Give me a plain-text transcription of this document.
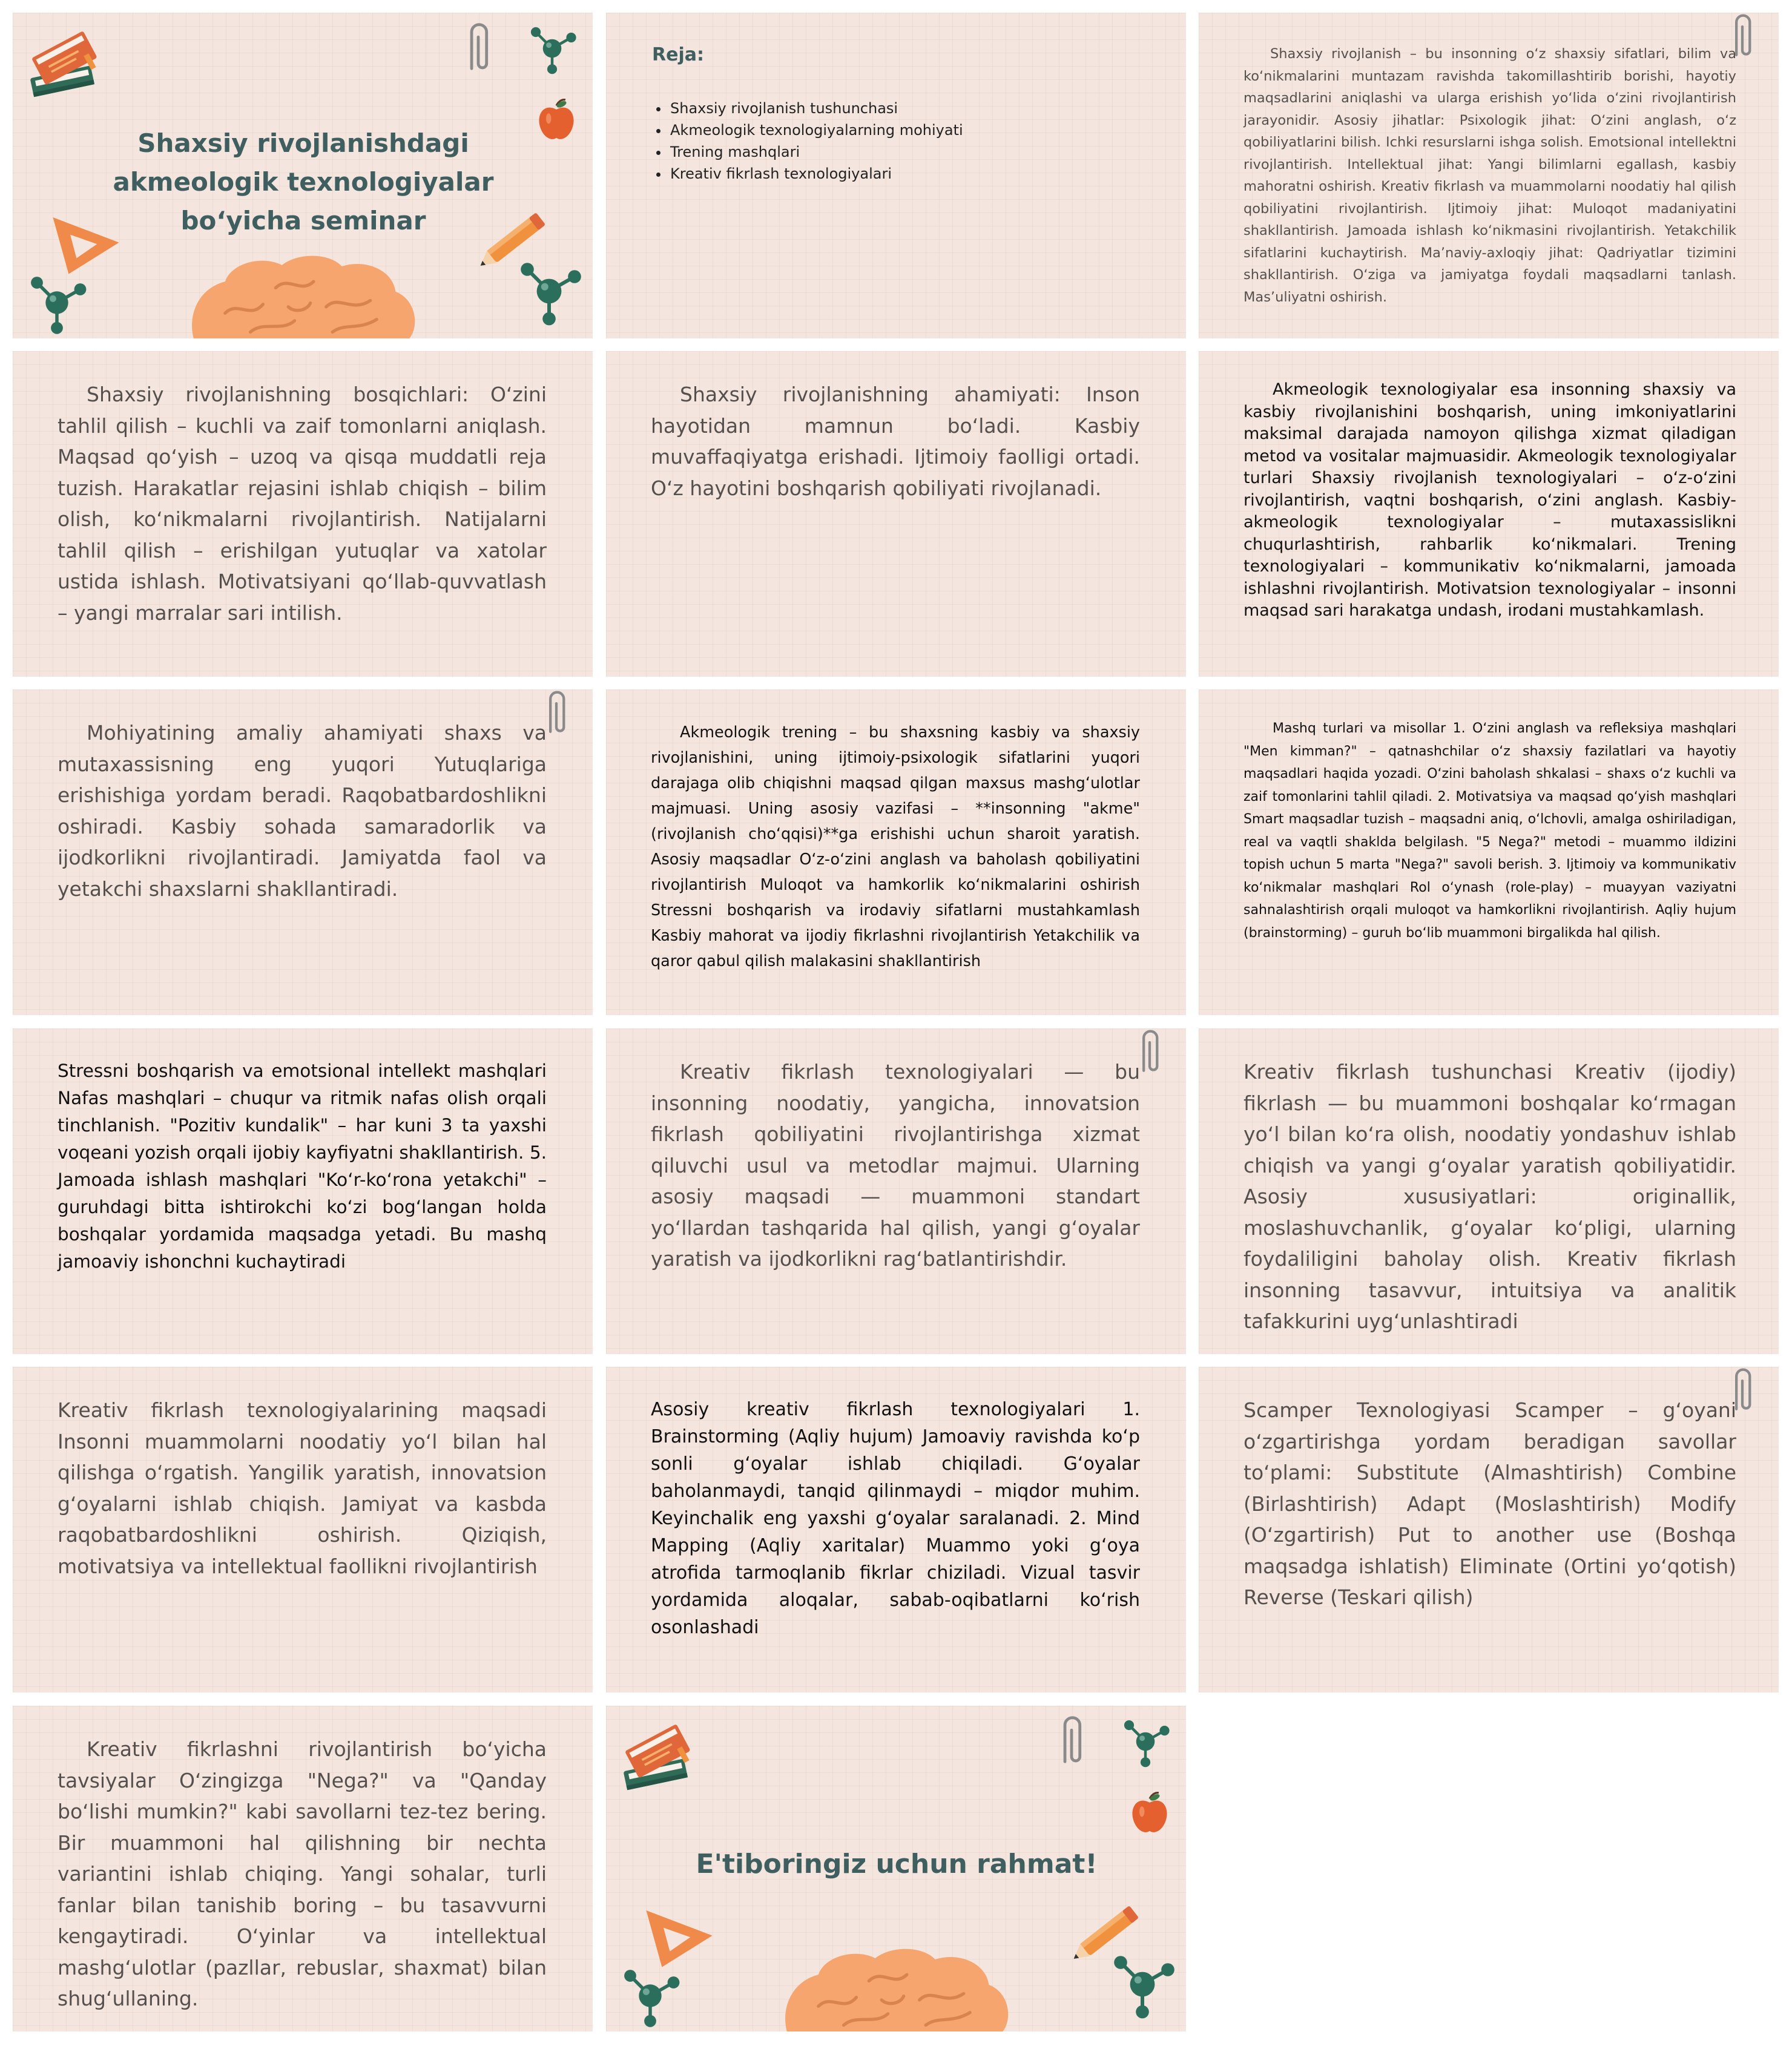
Shaxsiy rivojlanishdagi akmeologik texnologiyalar bo‘yicha seminar
Reja:
• Shaxsiy rivojlanish tushunchasi
• Akmeologik texnologiyalarning mohiyati
• Trening mashqlari
• Kreativ fikrlash texnologiyalari

Shaxsiy rivojlanish – bu insonning o‘z shaxsiy sifatlari, bilim va ko‘nikmalarini muntazam ravishda takomillashtirib borishi, hayotiy maqsadlarini aniqlashi va ularga erishish yo‘lida o‘zini rivojlantirish jarayonidir. Asosiy jihatlar: Psixologik jihat: O‘zini anglash, o‘z qobiliyatlarini bilish. Ichki resurslarni ishga solish. Emotsional intellektni rivojlantirish. Intellektual jihat: Yangi bilimlarni egallash, kasbiy mahoratni oshirish. Kreativ fikrlash va muammolarni noodatiy hal qilish qobiliyatini rivojlantirish. Ijtimoiy jihat: Muloqot madaniyatini shakllantirish. Jamoada ishlash ko‘nikmasini rivojlantirish. Yetakchilik sifatlarini kuchaytirish. Ma’naviy-axloqiy jihat: Qadriyatlar tizimini shakllantirish. O‘ziga va jamiyatga foydali maqsadlarni tanlash. Mas’uliyatni oshirish.

Shaxsiy rivojlanishning bosqichlari: O‘zini tahlil qilish – kuchli va zaif tomonlarni aniqlash. Maqsad qo‘yish – uzoq va qisqa muddatli reja tuzish. Harakatlar rejasini ishlab chiqish – bilim olish, ko‘nikmalarni rivojlantirish. Natijalarni tahlil qilish – erishilgan yutuqlar va xatolar ustida ishlash. Motivatsiyani qo‘llab-quvvatlash – yangi marralar sari intilish.

Shaxsiy rivojlanishning ahamiyati: Inson hayotidan mamnun bo‘ladi. Kasbiy muvaffaqiyatga erishadi. Ijtimoiy faolligi ortadi. O‘z hayotini boshqarish qobiliyati rivojlanadi.

Akmeologik texnologiyalar esa insonning shaxsiy va kasbiy rivojlanishini boshqarish, uning imkoniyatlarini maksimal darajada namoyon qilishga xizmat qiladigan metod va vositalar majmuasidir. Akmeologik texnologiyalar turlari Shaxsiy rivojlanish texnologiyalari – o‘z-o‘zini rivojlantirish, vaqtni boshqarish, o‘zini anglash. Kasbiy-akmeologik texnologiyalar – mutaxassislikni chuqurlashtirish, rahbarlik ko‘nikmalari. Trening texnologiyalari – kommunikativ ko‘nikmalarni, jamoada ishlashni rivojlantirish. Motivatsion texnologiyalar – insonni maqsad sari harakatga undash, irodani mustahkamlash.

Mohiyatining amaliy ahamiyati shaxs va mutaxassisning eng yuqori Yutuqlariga erishishiga yordam beradi. Raqobatbardoshlikni oshiradi. Kasbiy sohada samaradorlik va ijodkorlikni rivojlantiradi. Jamiyatda faol va yetakchi shaxslarni shakllantiradi.

Akmeologik trening – bu shaxsning kasbiy va shaxsiy rivojlanishini, uning ijtimoiy-psixologik sifatlarini yuqori darajaga olib chiqishni maqsad qilgan maxsus mashg‘ulotlar majmuasi. Uning asosiy vazifasi – **insonning "akme" (rivojlanish cho‘qqisi)**ga erishishi uchun sharoit yaratish. Asosiy maqsadlar O‘z-o‘zini anglash va baholash qobiliyatini rivojlantirish Muloqot va hamkorlik ko‘nikmalarini oshirish Stressni boshqarish va irodaviy sifatlarni mustahkamlash Kasbiy mahorat va ijodiy fikrlashni rivojlantirish Yetakchilik va qaror qabul qilish malakasini shakllantirish

Mashq turlari va misollar 1. O‘zini anglash va refleksiya mashqlari "Men kimman?" – qatnashchilar o‘z shaxsiy fazilatlari va hayotiy maqsadlari haqida yozadi. O‘zini baholash shkalasi – shaxs o‘z kuchli va zaif tomonlarini tahlil qiladi. 2. Motivatsiya va maqsad qo‘yish mashqlari Smart maqsadlar tuzish – maqsadni aniq, o‘lchovli, amalga oshiriladigan, real va vaqtli shaklda belgilash. "5 Nega?" metodi – muammo ildizini topish uchun 5 marta "Nega?" savoli berish. 3. Ijtimoiy va kommunikativ ko‘nikmalar mashqlari Rol o‘ynash (role-play) – muayyan vaziyatni sahnalashtirish orqali muloqot va hamkorlikni rivojlantirish. Aqliy hujum (brainstorming) – guruh bo‘lib muammoni birgalikda hal qilish.

Stressni boshqarish va emotsional intellekt mashqlari Nafas mashqlari – chuqur va ritmik nafas olish orqali tinchlanish. "Pozitiv kundalik" – har kuni 3 ta yaxshi voqeani yozish orqali ijobiy kayfiyatni shakllantirish. 5. Jamoada ishlash mashqlari "Ko‘r-ko‘rona yetakchi" – guruhdagi bitta ishtirokchi ko‘zi bog‘langan holda boshqalar yordamida maqsadga yetadi. Bu mashq jamoaviy ishonchni kuchaytiradi

Kreativ fikrlash texnologiyalari — bu insonning noodatiy, yangicha, innovatsion fikrlash qobiliyatini rivojlantirishga xizmat qiluvchi usul va metodlar majmui. Ularning asosiy maqsadi — muammoni standart yo‘llardan tashqarida hal qilish, yangi g‘oyalar yaratish va ijodkorlikni rag‘batlantirishdir.

Kreativ fikrlash tushunchasi Kreativ (ijodiy) fikrlash — bu muammoni boshqalar ko‘rmagan yo‘l bilan ko‘ra olish, noodatiy yondashuv ishlab chiqish va yangi g‘oyalar yaratish qobiliyatidir. Asosiy xususiyatlari: originallik, moslashuvchanlik, g‘oyalar ko‘pligi, ularning foydaliligini baholay olish. Kreativ fikrlash insonning tasavvur, intuitsiya va analitik tafakkurini uyg‘unlashtiradi

Kreativ fikrlash texnologiyalarining maqsadi Insonni muammolarni noodatiy yo‘l bilan hal qilishga o‘rgatish. Yangilik yaratish, innovatsion g‘oyalarni ishlab chiqish. Jamiyat va kasbda raqobatbardoshlikni oshirish. Qiziqish, motivatsiya va intellektual faollikni rivojlantirish

Asosiy kreativ fikrlash texnologiyalari 1. Brainstorming (Aqliy hujum) Jamoaviy ravishda ko‘p sonli g‘oyalar ishlab chiqiladi. G‘oyalar baholanmaydi, tanqid qilinmaydi – miqdor muhim. Keyinchalik eng yaxshi g‘oyalar saralanadi. 2. Mind Mapping (Aqliy xaritalar) Muammo yoki g‘oya atrofida tarmoqlanib fikrlar chiziladi. Vizual tasvir yordamida aloqalar, sabab-oqibatlarni ko‘rish osonlashadi

Scamper Texnologiyasi Scamper – g‘oyani o‘zgartirishga yordam beradigan savollar to‘plami: Substitute (Almashtirish) Combine (Birlashtirish) Adapt (Moslashtirish) Modify (O‘zgartirish) Put to another use (Boshqa maqsadga ishlatish) Eliminate (Ortini yo‘qotish) Reverse (Teskari qilish)

Kreativ fikrlashni rivojlantirish bo‘yicha tavsiyalar O‘zingizga "Nega?" va "Qanday bo‘lishi mumkin?" kabi savollarni tez-tez bering. Bir muammoni hal qilishning bir nechta variantini ishlab chiqing. Yangi sohalar, turli fanlar bilan tanishib boring – bu tasavvurni kengaytiradi. O‘yinlar va intellektual mashg‘ulotlar (pazllar, rebuslar, shaxmat) bilan shug‘ullaning.

E'tiboringiz uchun rahmat!
